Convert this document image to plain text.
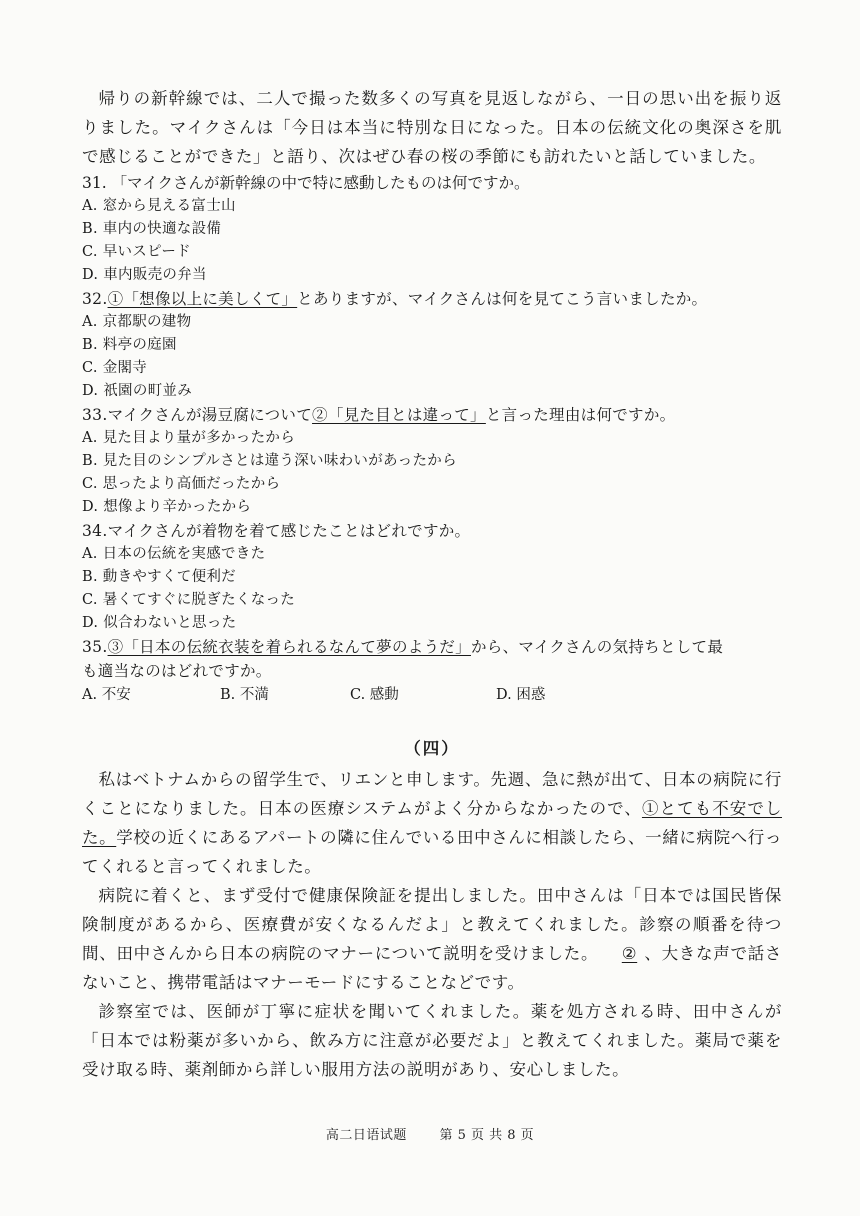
帰りの新幹線では、二人で撮った数多くの写真を見返しながら、一日の思い出を振り返りました。マイクさんは「今日は本当に特別な日になった。日本の伝統文化の奥深さを肌で感じることができた」と語り、次はぜひ春の桜の季節にも訪れたいと話していました。

31. 「マイクさんが新幹線の中で特に感動したものは何ですか。

A. 窓から見える富士山

B. 車内の快適な設備

C. 早いスピード

D. 車内販売の弁当

32.①「想像以上に美しくて」とありますが、マイクさんは何を見てこう言いましたか。

A. 京都駅の建物

B. 料亭の庭園

C. 金閣寺

D. 祇園の町並み

33.マイクさんが湯豆腐について②「見た目とは違って」と言った理由は何ですか。

A. 見た目より量が多かったから

B. 見た目のシンプルさとは違う深い味わいがあったから

C. 思ったより高価だったから

D. 想像より辛かったから

34.マイクさんが着物を着て感じたことはどれですか。

A. 日本の伝統を実感できた

B. 動きやすくて便利だ

C. 暑くてすぐに脱ぎたくなった

D. 似合わないと思った

35.③「日本の伝統衣装を着られるなんて夢のようだ」から、マイクさんの気持ちとして最
も適当なのはどれですか。

A. 不安	B. 不満	C. 感動	D. 困惑
（四）

私はベトナムからの留学生で、リエンと申します。先週、急に熱が出て、日本の病院に行くことになりました。日本の医療システムがよく分からなかったので、①とても不安でした。学校の近くにあるアパートの隣に住んでいる田中さんに相談したら、一緒に病院へ行ってくれると言ってくれました。

病院に着くと、まず受付で健康保険証を提出しました。田中さんは「日本では国民皆保険制度があるから、医療費が安くなるんだよ」と教えてくれました。診察の順番を待つ間、田中さんから日本の病院のマナーについて説明を受けました。 ② 、大きな声で話さないこと、携帯電話はマナーモードにすることなどです。

診察室では、医師が丁寧に症状を聞いてくれました。薬を処方される時、田中さんが「日本では粉薬が多いから、飲み方に注意が必要だよ」と教えてくれました。薬局で薬を受け取る時、薬剤師から詳しい服用方法の説明があり、安心しました。

高二日语试题	第 5 页 共 8 页
